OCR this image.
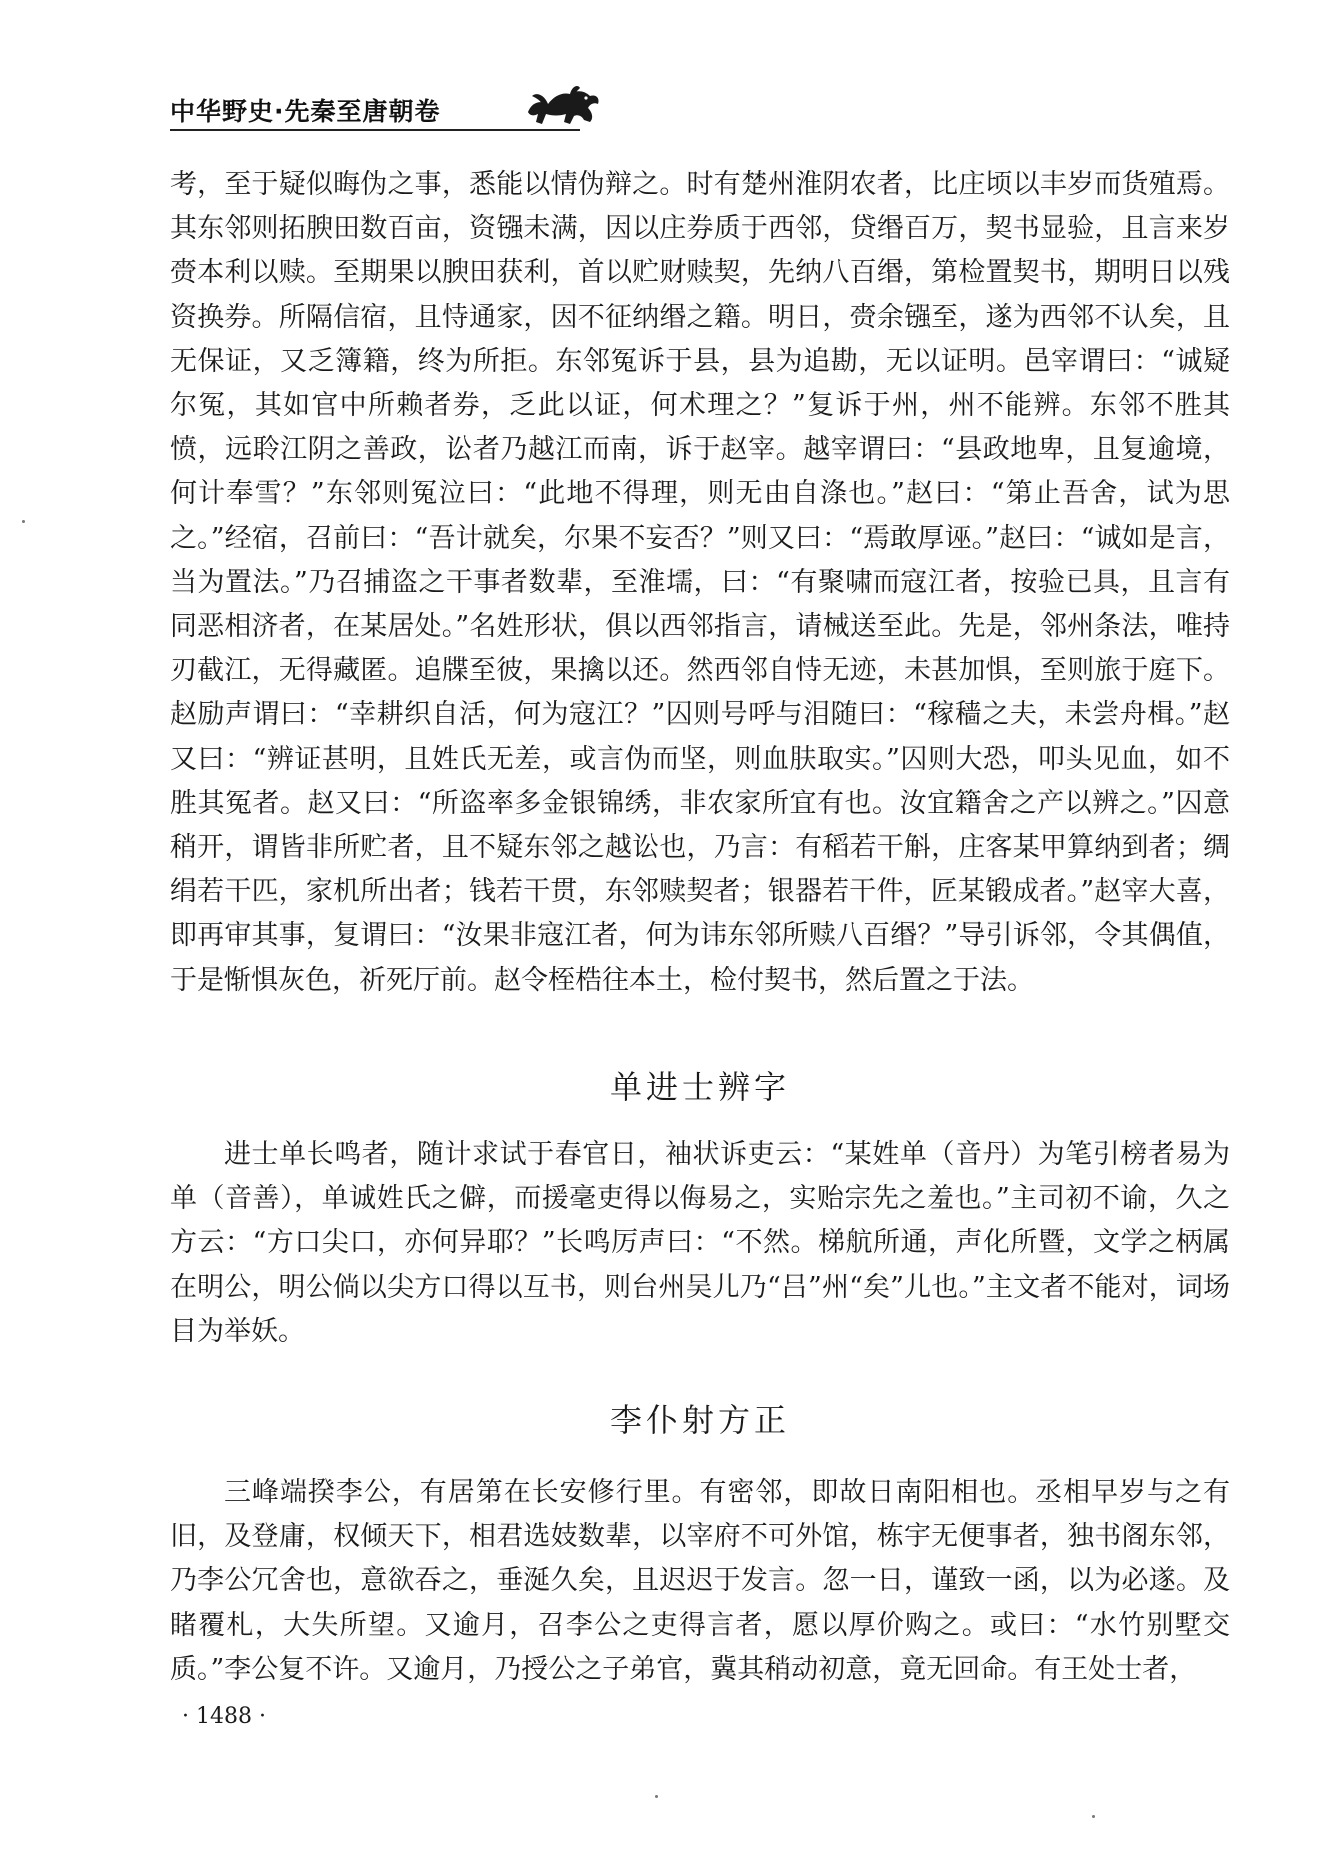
中华野史·先秦至唐朝卷

考，至于疑似晦伪之事，悉能以情伪辩之。时有楚州淮阴农者，比庄顷以丰岁而货殖焉。其东邻则拓腴田数百亩，资镪未满，因以庄券质于西邻，贷缗百万，契书显验，且言来岁赍本利以赎。至期果以腴田获利，首以贮财赎契，先纳八百缗，第检置契书，期明日以残资换券。所隔信宿，且恃通家，因不征纳缗之籍。明日，赍余镪至，遂为西邻不认矣，且无保证，又乏簿籍，终为所拒。东邻冤诉于县，县为追勘，无以证明。邑宰谓曰：“诚疑尔冤，其如官中所赖者券，乏此以证，何术理之？”复诉于州，州不能辨。东邻不胜其愤，远聆江阴之善政，讼者乃越江而南，诉于赵宰。越宰谓曰：“县政地卑，且复逾境，何计奉雪？”东邻则冤泣曰：“此地不得理，则无由自涤也。”赵曰：“第止吾舍，试为思之。”经宿，召前曰：“吾计就矣，尔果不妄否？”则又曰：“焉敢厚诬。”赵曰：“诚如是言，当为置法。”乃召捕盗之干事者数辈，至淮壖，曰：“有聚啸而寇江者，按验已具，且言有同恶相济者，在某居处。”名姓形状，俱以西邻指言，请械送至此。先是，邻州条法，唯持刃截江，无得藏匿。追牒至彼，果擒以还。然西邻自恃无迹，未甚加惧，至则旅于庭下。赵励声谓曰：“幸耕织自活，何为寇江？”囚则号呼与泪随曰：“稼穑之夫，未尝舟楫。”赵又曰：“辨证甚明，且姓氏无差，或言伪而坚，则血肤取实。”囚则大恐，叩头见血，如不胜其冤者。赵又曰：“所盗率多金银锦绣，非农家所宜有也。汝宜籍舍之产以辨之。”囚意稍开，谓皆非所贮者，且不疑东邻之越讼也，乃言：有稻若干斛，庄客某甲算纳到者；绸绢若干匹，家机所出者；钱若干贯，东邻赎契者；银器若干件，匠某锻成者。”赵宰大喜，即再审其事，复谓曰：“汝果非寇江者，何为讳东邻所赎八百缗？”导引诉邻，令其偶值，于是惭惧灰色，祈死厅前。赵令桎梏往本土，检付契书，然后置之于法。

单进士辨字

进士单长鸣者，随计求试于春官日，袖状诉吏云：“某姓单（音丹）为笔引榜者易为单（音善），单诚姓氏之僻，而援毫吏得以侮易之，实贻宗先之羞也。”主司初不谕，久之方云：“方口尖口，亦何异耶？”长鸣厉声曰：“不然。梯航所通，声化所暨，文学之柄属在明公，明公倘以尖方口得以互书，则台州吴儿乃“吕”州“矣”儿也。”主文者不能对，词场目为举妖。

李仆射方正

三峰端揆李公，有居第在长安修行里。有密邻，即故日南阳相也。丞相早岁与之有旧，及登庸，权倾天下，相君选妓数辈，以宰府不可外馆，栋宇无便事者，独书阁东邻，乃李公冗舍也，意欲吞之，垂涎久矣，且迟迟于发言。忽一日，谨致一函，以为必遂。及睹覆札，大失所望。又逾月，召李公之吏得言者，愿以厚价购之。或曰：“水竹别墅交质。”李公复不许。又逾月，乃授公之子弟官，冀其稍动初意，竟无回命。有王处士者，

· 1488 ·
